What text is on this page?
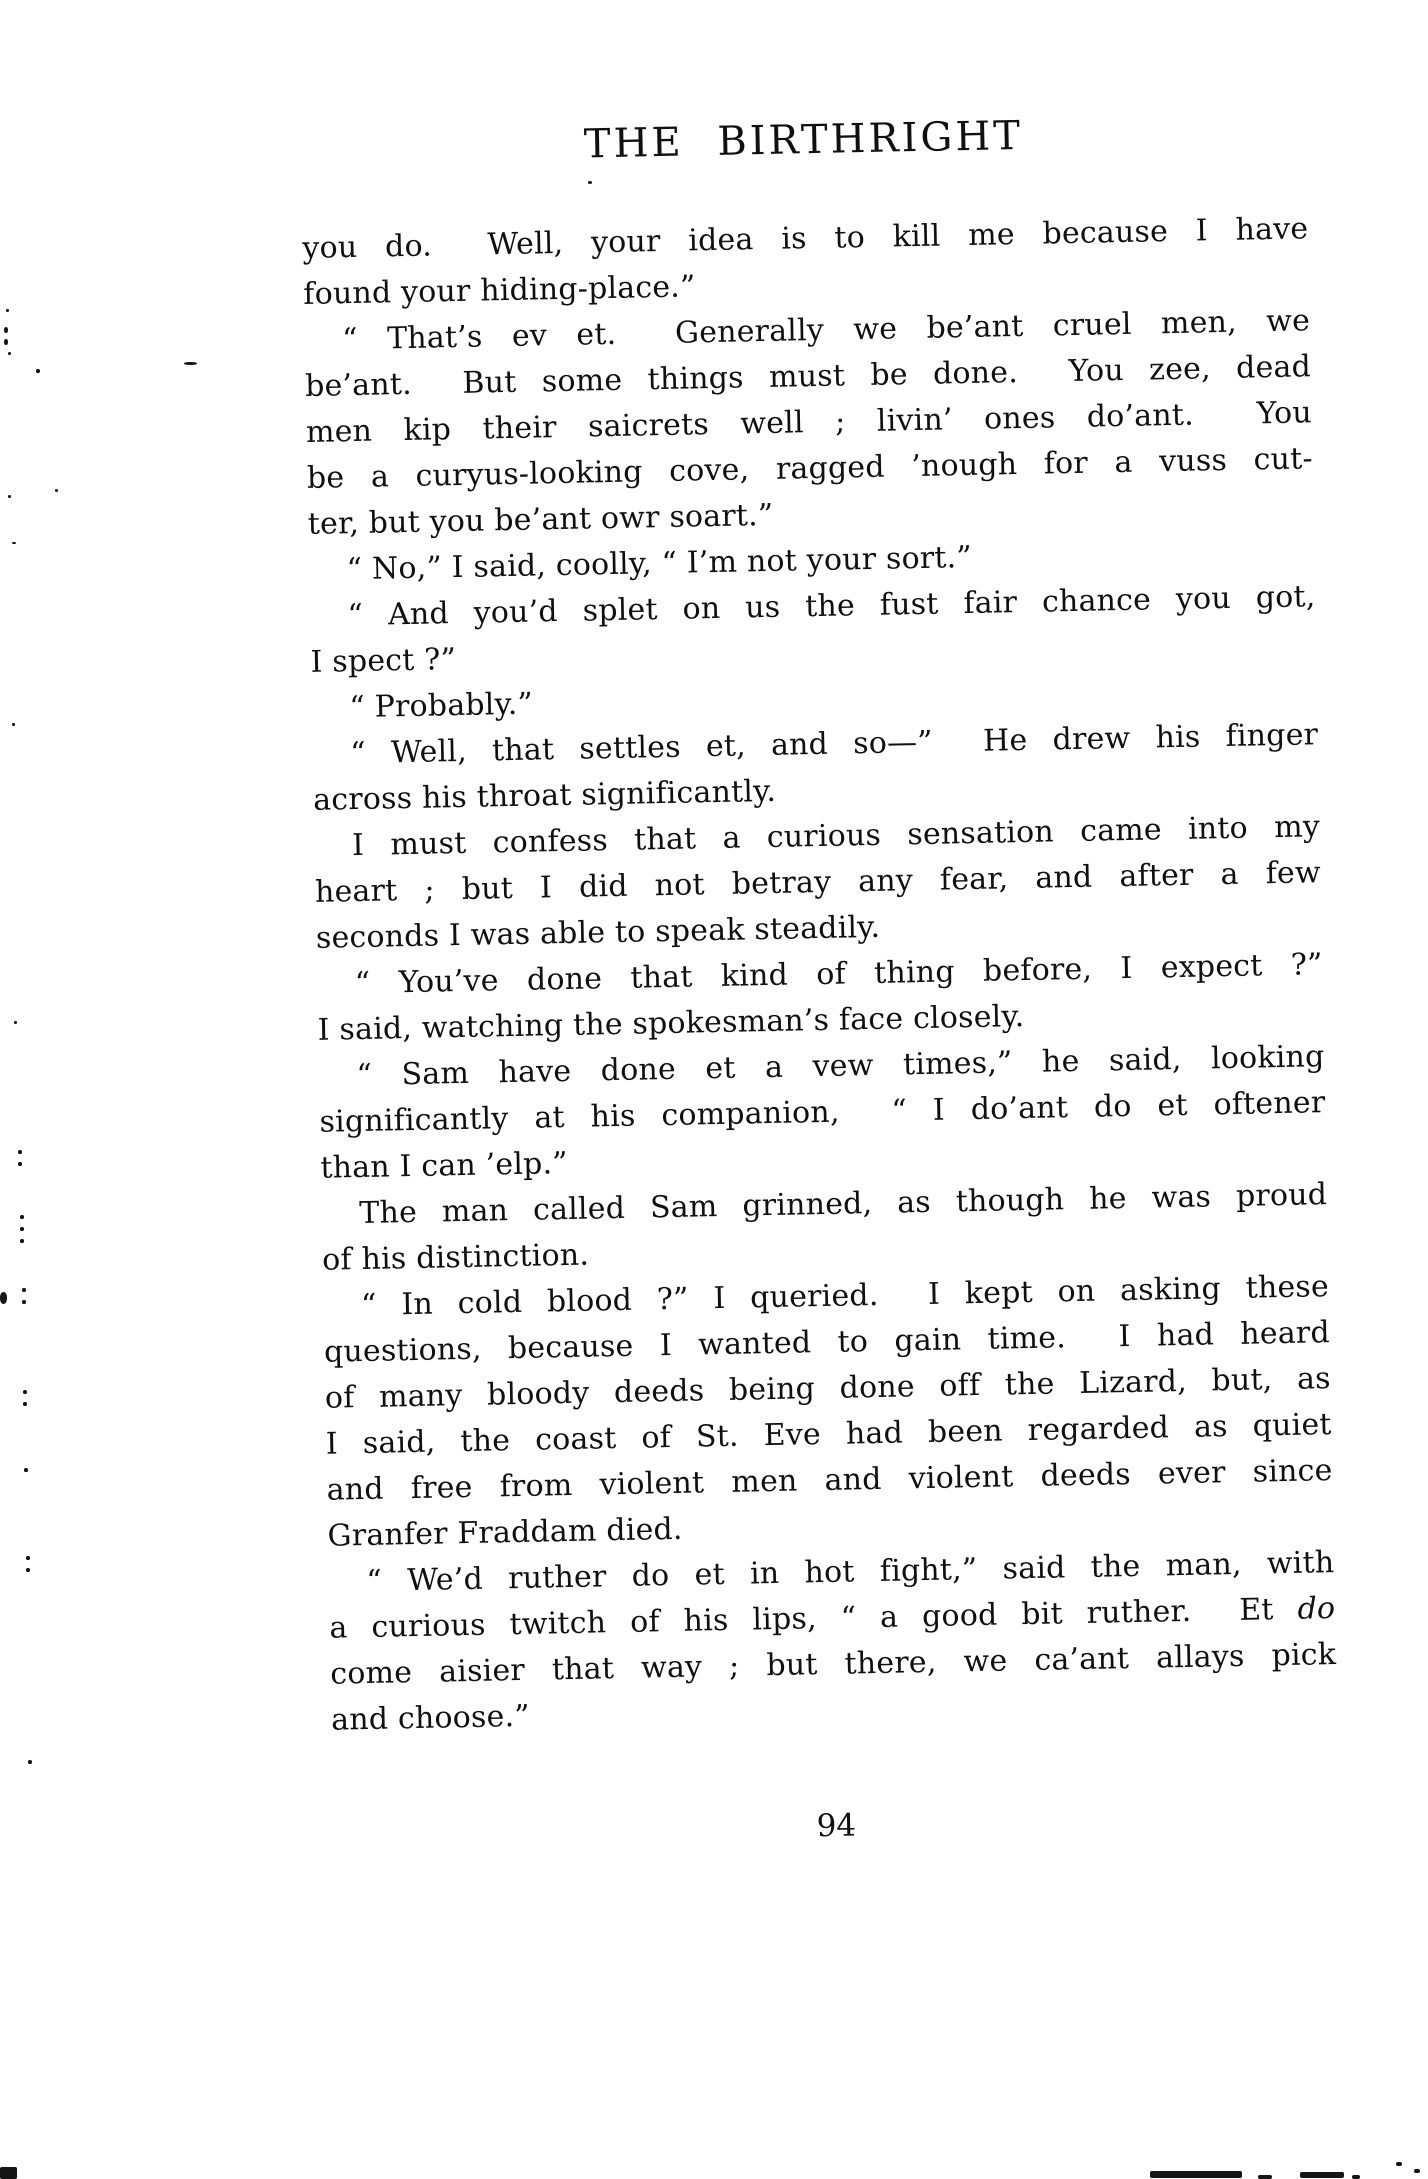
THE BIRTHRIGHT
you do.  Well, your idea is to kill me because I have
found your hiding-place.”
“ That’s ev et.  Generally we be’ant cruel men, we
be’ant.  But some things must be done.  You zee, dead
men kip their saicrets well ; livin’ ones do’ant.  You
be a curyus-looking cove, ragged ’nough for a vuss cut-
ter, but you be’ant owr soart.”
“ No,” I said, coolly, “ I’m not your sort.”
“ And you’d splet on us the fust fair chance you got,
I spect ?”
“ Probably.”
“ Well, that settles et, and so—”  He drew his finger
across his throat significantly.
I must confess that a curious sensation came into my
heart ; but I did not betray any fear, and after a few
seconds I was able to speak steadily.
“ You’ve done that kind of thing before, I expect ?”
I said, watching the spokesman’s face closely.
“ Sam have done et a vew times,” he said, looking
significantly at his companion,  “ I do’ant do et oftener
than I can ’elp.”
The man called Sam grinned, as though he was proud
of his distinction.
“ In cold blood ?” I queried.  I kept on asking these
questions, because I wanted to gain time.  I had heard
of many bloody deeds being done off the Lizard, but, as
I said, the coast of St. Eve had been regarded as quiet
and free from violent men and violent deeds ever since
Granfer Fraddam died.
“ We’d ruther do et in hot fight,” said the man, with
a curious twitch of his lips, “ a good bit ruther.  Et do
come aisier that way ; but there, we ca’ant allays pick
and choose.”
94
